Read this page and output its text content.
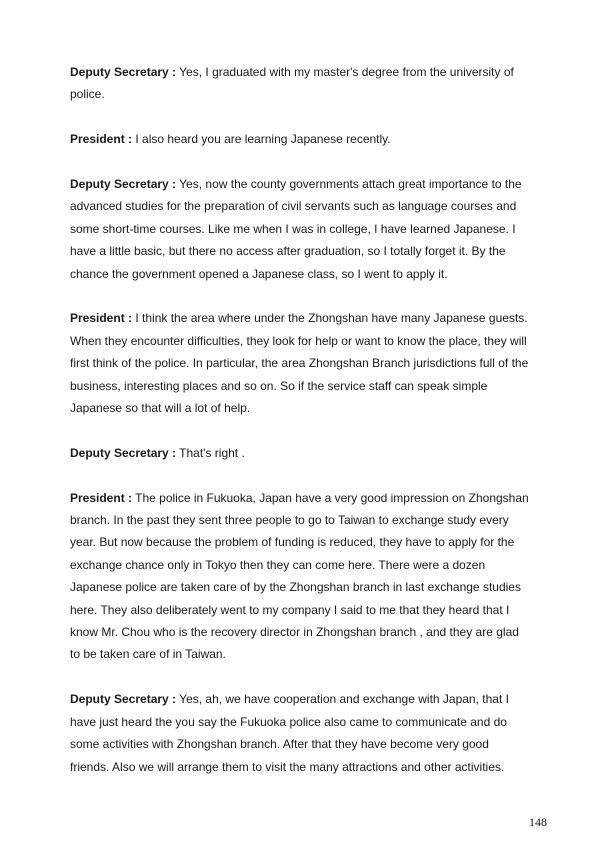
Deputy Secretary : Yes, I graduated with my master's degree from the university of police.

President : I also heard you are learning Japanese recently.

Deputy Secretary : Yes, now the county governments attach great importance to the advanced studies for the preparation of civil servants such as language courses and some short-time courses. Like me when I was in college, I have learned Japanese. I have a little basic, but there no access after graduation, so I totally forget it. By the chance the government opened a Japanese class, so I went to apply it.

President : I think the area where under the Zhongshan have many Japanese guests. When they encounter difficulties, they look for help or want to know the place, they will first think of the police. In particular, the area Zhongshan Branch jurisdictions full of the business, interesting places and so on. So if the service staff can speak simple Japanese so that will a lot of help.

Deputy Secretary : That's right .

President : The police in Fukuoka, Japan have a very good impression on Zhongshan branch. In the past they sent three people to go to Taiwan to exchange study every year. But now because the problem of funding is reduced, they have to apply for the exchange chance only in Tokyo then they can come here. There were a dozen Japanese police are taken care of by the Zhongshan branch in last exchange studies here. They also deliberately went to my company I said to me that they heard that I know Mr. Chou who is the recovery director in Zhongshan branch , and they are glad to be taken care of in Taiwan.

Deputy Secretary : Yes, ah, we have cooperation and exchange with Japan, that I have just heard the you say the Fukuoka police also came to communicate and do some activities with Zhongshan branch. After that they have become very good friends. Also we will arrange them to visit the many attractions and other activities.

148
